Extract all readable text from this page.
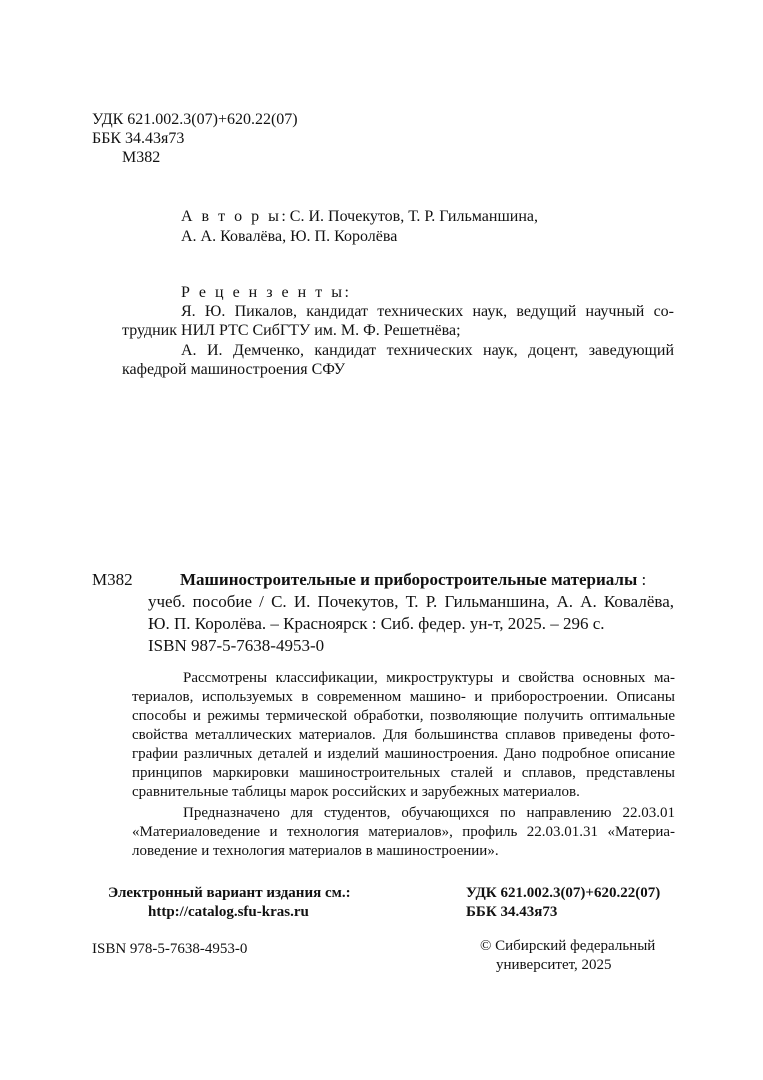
УДК 621.002.3(07)+620.22(07)
ББК 34.43я73
М382
А в т о р ы: С. И. Почекутов, Т. Р. Гильманшина,
А. А. Ковалёва, Ю. П. Королёва
Р е ц е н з е н т ы:
Я. Ю. Пикалов, кандидат технических наук, ведущий научный со-
трудник НИЛ РТС СибГТУ им. М. Ф. Решетнёва;
А. И. Демченко, кандидат технических наук, доцент, заведующий
кафедрой машиностроения СФУ
М382	Машиностроительные и приборостроительные материалы :
учеб. пособие / С. И. Почекутов, Т. Р. Гильманшина, А. А. Ковалёва,
Ю. П. Королёва. – Красноярск : Сиб. федер. ун-т, 2025. – 296 с.
ISBN 987-5-7638-4953-0
Рассмотрены классификации, микроструктуры и свойства основных ма-
териалов, используемых в современном машино- и приборостроении. Описаны
способы и режимы термической обработки, позволяющие получить оптимальные
свойства металлических материалов. Для большинства сплавов приведены фото-
графии различных деталей и изделий машиностроения. Дано подробное описание
принципов маркировки машиностроительных сталей и сплавов, представлены
сравнительные таблицы марок российских и зарубежных материалов.
Предназначено для студентов, обучающихся по направлению 22.03.01
«Материаловедение и технология материалов», профиль 22.03.01.31 «Материа-
ловедение и технология материалов в машиностроении».
Электронный вариант издания см.:
http://catalog.sfu-kras.ru
ISBN 978-5-7638-4953-0
УДК 621.002.3(07)+620.22(07)
ББК 34.43я73
© Сибирский федеральный
университет, 2025
